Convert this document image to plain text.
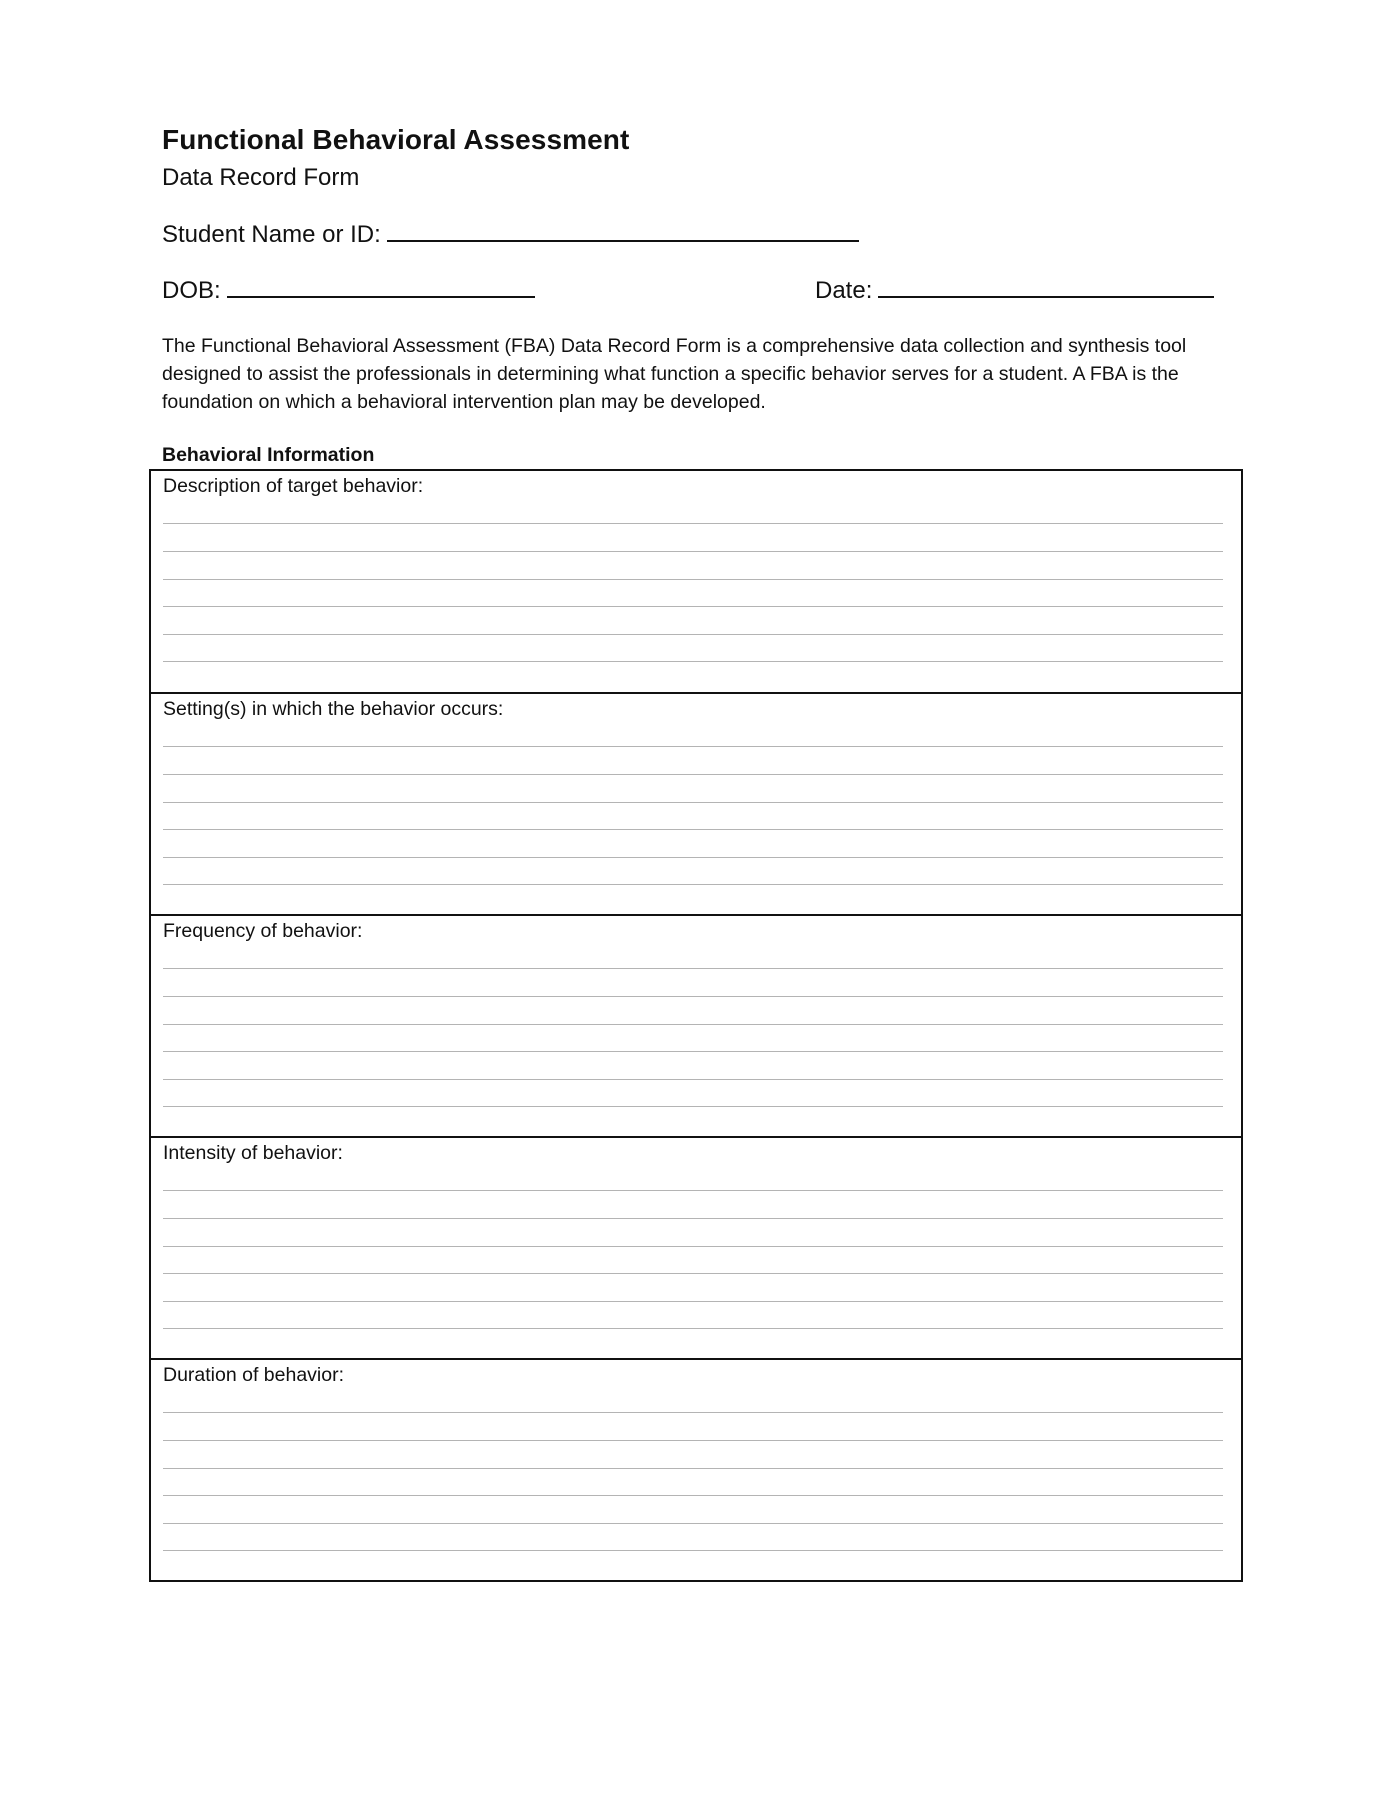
Functional Behavioral Assessment
Data Record Form
Student Name or ID:
DOB:	Date:
The Functional Behavioral Assessment (FBA) Data Record Form is a comprehensive data collection and synthesis tool designed to assist the professionals in determining what function a specific behavior serves for a student. A FBA is the foundation on which a behavioral intervention plan may be developed.
Behavioral Information
Description of target behavior:
Setting(s) in which the behavior occurs:
Frequency of behavior:
Intensity of behavior:
Duration of behavior:
